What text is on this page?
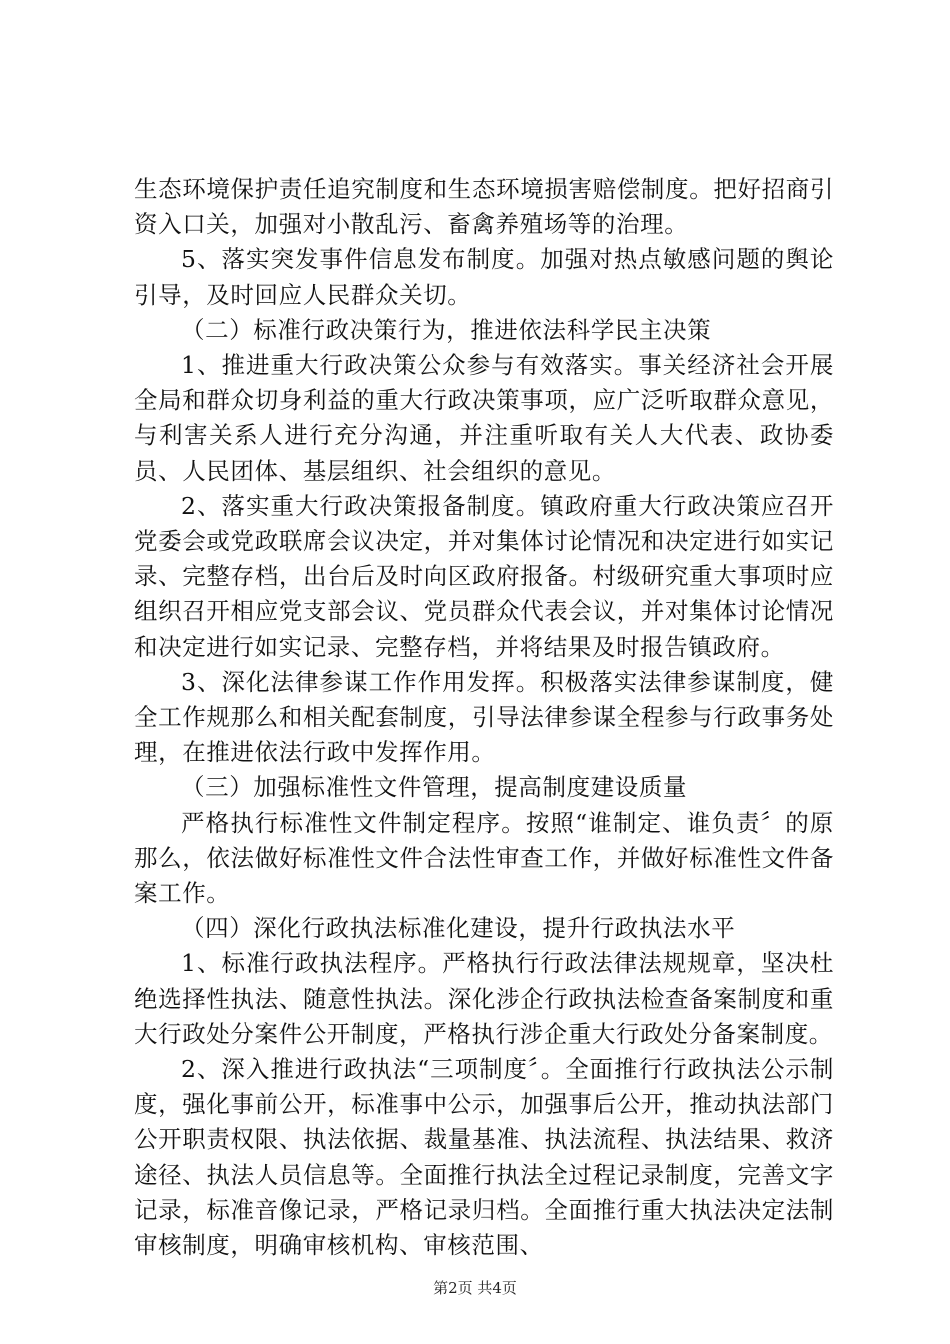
生态环境保护责任追究制度和生态环境损害赔偿制度。把好招商引资入口关，加强对小散乱污、畜禽养殖场等的治理。

5、落实突发事件信息发布制度。加强对热点敏感问题的舆论引导，及时回应人民群众关切。

（二）标准行政决策行为，推进依法科学民主决策

1、推进重大行政决策公众参与有效落实。事关经济社会开展全局和群众切身利益的重大行政决策事项，应广泛听取群众意见，与利害关系人进行充分沟通，并注重听取有关人大代表、政协委员、人民团体、基层组织、社会组织的意见。

2、落实重大行政决策报备制度。镇政府重大行政决策应召开党委会或党政联席会议决定，并对集体讨论情况和决定进行如实记录、完整存档，出台后及时向区政府报备。村级研究重大事项时应组织召开相应党支部会议、党员群众代表会议，并对集体讨论情况和决定进行如实记录、完整存档，并将结果及时报告镇政府。

3、深化法律参谋工作作用发挥。积极落实法律参谋制度，健全工作规那么和相关配套制度，引导法律参谋全程参与行政事务处理，在推进依法行政中发挥作用。

（三）加强标准性文件管理，提高制度建设质量

严格执行标准性文件制定程序。按照“谁制定、谁负责〞的原那么，依法做好标准性文件合法性审查工作，并做好标准性文件备案工作。

（四）深化行政执法标准化建设，提升行政执法水平

1、标准行政执法程序。严格执行行政法律法规规章，坚决杜绝选择性执法、随意性执法。深化涉企行政执法检查备案制度和重大行政处分案件公开制度，严格执行涉企重大行政处分备案制度。

2、深入推进行政执法“三项制度〞。全面推行行政执法公示制度，强化事前公开，标准事中公示，加强事后公开，推动执法部门公开职责权限、执法依据、裁量基准、执法流程、执法结果、救济途径、执法人员信息等。全面推行执法全过程记录制度，完善文字记录，标准音像记录，严格记录归档。全面推行重大执法决定法制审核制度，明确审核机构、审核范围、

第2页 共4页
